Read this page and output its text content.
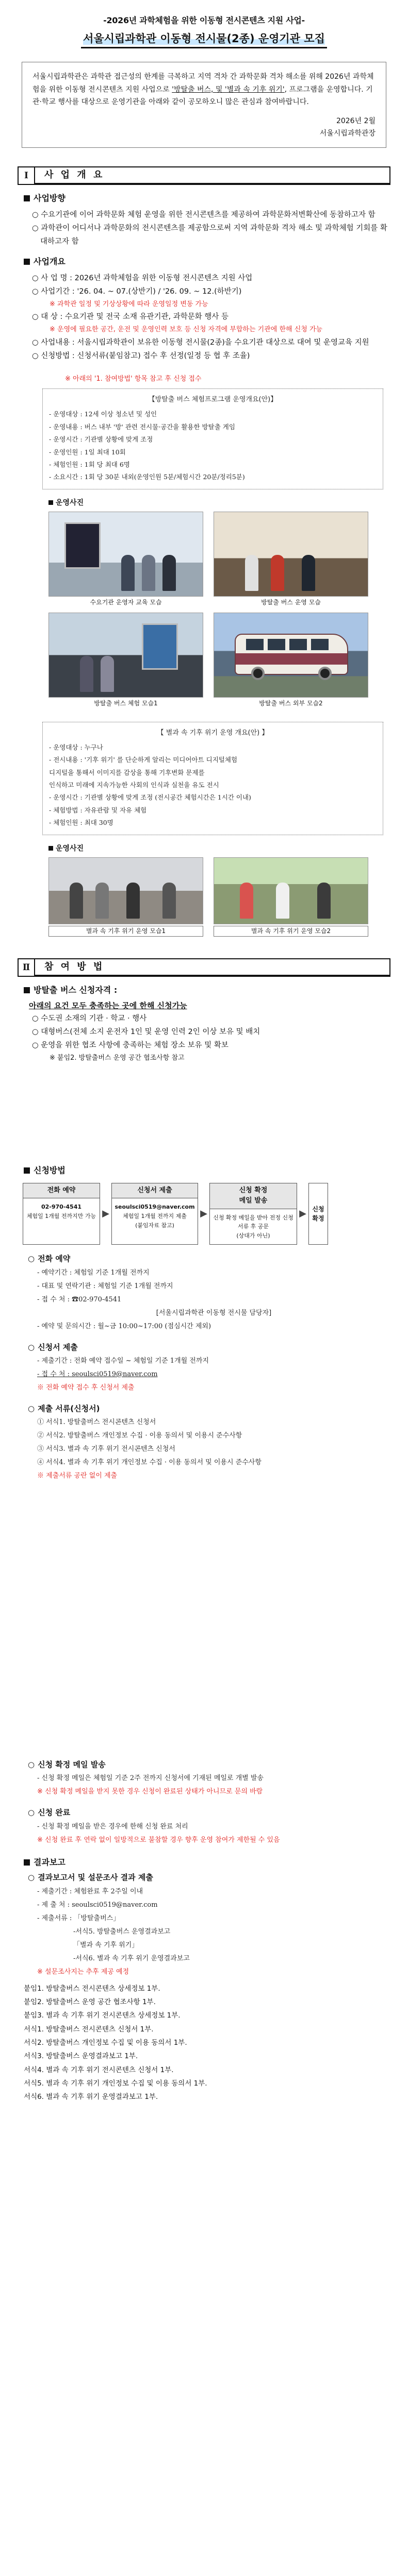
-2026년 과학체험을 위한 이동형 전시콘텐츠 지원 사업-
서울시립과학관 이동형 전시물(2종) 운영기관 모집
서울시립과학관은 과학관 접근성의 한계를 극복하고 지역 격차 간 과학문화 격차 해소를 위해 2026년 과학체험을 위한 이동형 전시콘텐츠 지원 사업으로 '방탈출 버스, 및 '별과 속 기후 위기', 프로그램을 운영합니다. 기관·학교 행사를 대상으로 운영기관을 아래와 같이 공모하오니 많은 관심과 참여바랍니다.
2026년 2월
서울시립과학관장
Ⅰ	사 업 개 요
사업방향
○ 수요기관에 이어 과학문화 체험 운영을 위한 전시콘텐츠를 제공하여 과학문화저변확산에 동참하고자 함
○ 과학관이 어디서나 과학문화의 전시콘텐츠를 제공함으로써 지역 과학문화 격차 해소 및 과학체험 기회를 확대하고자 함
사업개요
○ 사 업 명 : 2026년 과학체험을 위한 이동형 전시콘텐츠 지원 사업
○ 사업기간 : '26. 04. ~ 07.(상반기) / '26. 09. ~ 12.(하반기)
※ 과학관 일정 및 기상상황에 따라 운영일정 변동 가능
○ 대 상 : 수요기관 및 전국 소재 유관기관, 과학문화 행사 등
※ 운영에 필요한 공간, 운전 및 운영인력 보호 등 신청 자격에 부합하는 기관에 한해 신청 가능
○ 사업내용 : 서울시립과학관이 보유한 이동형 전시물(2종)을 수요기관 대상으로 대여 및 운영교육 지원
○ 신청방법 : 신청서류(붙임참고) 접수 후 선정(일정 등 협 후 조율)
※ 아래의 '1. 참여방법' 항목 참고 후 신청 접수
【방탈출 버스 체험프로그램 운영개요(안)】
- 운영대상 : 12세 이상 청소년 및 성인
- 운영내용 : 버스 내부 '방' 관련 전시물·공간을 활용한 방탈출 게임
- 운영시간 : 기관별 상황에 맞게 조정
- 운영인원 : 1일 최대 10회
- 체험인원 : 1회 당 최대 6명
- 소요시간 : 1회 당 30분 내외(운영인원 5분/체험시간 20분/정리5분)
운영사진
수요기관 운영자 교육 모습	방탈출 버스 운영 모습
방탈출 버스 체험 모습1	방탈출 버스 외부 모습2
【 별과 속 기후 위기 운영 개요(안) 】
- 운영대상 : 누구나
- 전시내용 : '기후 위기' 를 단순하게 알리는 미디어아트 디지털체험
디지털을 통해서 이미지를 감상을 통해 기후변화 문제를
인식하고 미래에 지속가능한 사회의 인식과 실천을 유도 전시
- 운영시간 : 기관별 상황에 맞게 조정 (전시공간 체험시간은 1시간 이내)
- 체험방법 : 자유관람 및 자유 체험
- 체험인원 : 최대 30명
운영사진
별과 속 기후 위기 운영 모습1	별과 속 기후 위기 운영 모습2
Ⅱ	참 여 방 법
방탈출 버스 신청자격 :
아래의 요건 모두 충족하는 곳에 한해 신청가능
○ 수도권 소재의 기관 · 학교 · 행사
○ 대형버스(전체 소지 운전자 1인 및 운영 인력 2인 이상 보유 및 배치
○ 운영을 위한 협조 사항에 충족하는 체험 장소 보유 및 확보
※ 붙임2. 방탈출버스 운영 공간 협조사항 참고
신청방법
전화 예약
02-970-4541
체험일 1개월 전까지만 가능 ▶
신청서 제출
seoulsci0519@naver.com
체험일 1개월 전까지 제출
(붙임자료 참고)
▶
신청 확정
메일 발송
신청 확정 메일을 받아 전정 신청 서류 후 공문
(상대가 아닌)
▶ 신청 확정
○ 전화 예약
- 예약기간 : 체험일 기준 1개월 전까지
- 대표 및 연락기관 : 체험일 기준 1개월 전까지
- 접 수 처 : ☎02-970-4541
[서울시립과학관 이동형 전시물 담당자]
- 예약 및 문의시간 : 월~금 10:00~17:00 (점심시간 제외)
○ 신청서 제출
- 제출기간 : 전화 예약 접수일 ~ 체험일 기준 1개월 전까지
- 접 수 처 : seoulsci0519@naver.com
※ 전화 예약 접수 후 신청서 제출
○ 제출 서류(신청서)
① 서식1. 방탈출버스 전시콘텐츠 신청서
② 서식2. 방탈출버스 개인정보 수집 · 이용 동의서 및 이용시 준수사항
③ 서식3. 별과 속 기후 위기 전시콘텐츠 신청서
④ 서식4. 별과 속 기후 위기 개인정보 수집 · 이용 동의서 및 이용시 준수사항
※ 제출서류 공란 없이 제출
○ 신청 확정 메일 발송
- 신청 확정 메일은 체험일 기준 2주 전까지 신청서에 기재된 메일로 개별 발송
※ 신청 확정 메일을 받지 못한 경우 신청이 완료된 상태가 아니므로 문의 바람
○ 신청 완료
- 신청 확정 메일을 받은 경우에 한해 신청 완료 처리
※ 신청 완료 후 연락 없이 일방적으로 불참할 경우 향후 운영 참여가 제한될 수 있음
결과보고
○ 결과보고서 및 설문조사 결과 제출
- 제출기간 : 체험완료 후 2주일 이내
- 제 출 처 : seoulsci0519@naver.com
- 제출서류 : 「방탈출버스」
-서식5. 방탈출버스 운영결과보고
「별과 속 기후 위기」
-서식6. 별과 속 기후 위기 운영결과보고
※ 설문조사지는 추후 제공 예정
붙임1. 방탈출버스 전시콘텐츠 상세정보 1부.
붙임2. 방탈출버스 운영 공간 협조사항 1부.
붙임3. 별과 속 기후 위기 전시콘텐츠 상세정보 1부.
서식1. 방탈출버스 전시콘텐츠 신청서 1부.
서식2. 방탈출버스 개인정보 수집 및 이용 동의서 1부.
서식3. 방탈출버스 운영결과보고 1부.
서식4. 별과 속 기후 위기 전시콘텐츠 신청서 1부.
서식5. 별과 속 기후 위기 개인정보 수집 및 이용 동의서 1부.
서식6. 별과 속 기후 위기 운영결과보고 1부.
